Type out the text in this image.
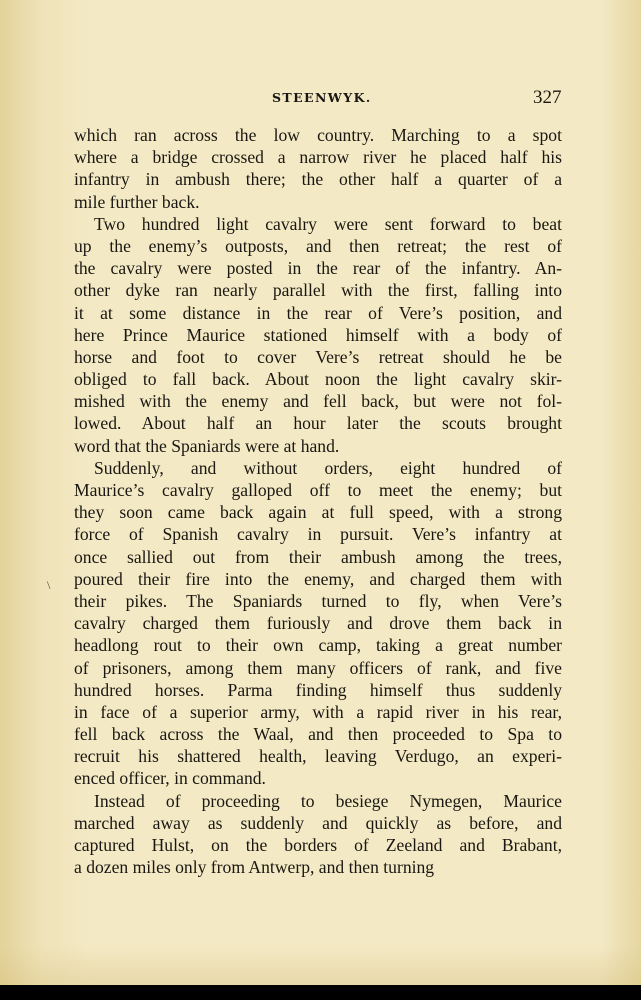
STEENWYK.	327
\
which ran across the low country. Marching to a spot
where a bridge crossed a narrow river he placed half his
infantry in ambush there; the other half a quarter of a
mile further back.
Two hundred light cavalry were sent forward to beat
up the enemy’s outposts, and then retreat; the rest of
the cavalry were posted in the rear of the infantry. An-
other dyke ran nearly parallel with the first, falling into
it at some distance in the rear of Vere’s position, and
here Prince Maurice stationed himself with a body of
horse and foot to cover Vere’s retreat should he be
obliged to fall back. About noon the light cavalry skir-
mished with the enemy and fell back, but were not fol-
lowed. About half an hour later the scouts brought
word that the Spaniards were at hand.
Suddenly, and without orders, eight hundred of
Maurice’s cavalry galloped off to meet the enemy; but
they soon came back again at full speed, with a strong
force of Spanish cavalry in pursuit. Vere’s infantry at
once sallied out from their ambush among the trees,
poured their fire into the enemy, and charged them with
their pikes. The Spaniards turned to fly, when Vere’s
cavalry charged them furiously and drove them back in
headlong rout to their own camp, taking a great number
of prisoners, among them many officers of rank, and five
hundred horses. Parma finding himself thus suddenly
in face of a superior army, with a rapid river in his rear,
fell back across the Waal, and then proceeded to Spa to
recruit his shattered health, leaving Verdugo, an experi-
enced officer, in command.
Instead of proceeding to besiege Nymegen, Maurice
marched away as suddenly and quickly as before, and
captured Hulst, on the borders of Zeeland and Brabant,
a dozen miles only from Antwerp, and then turning
